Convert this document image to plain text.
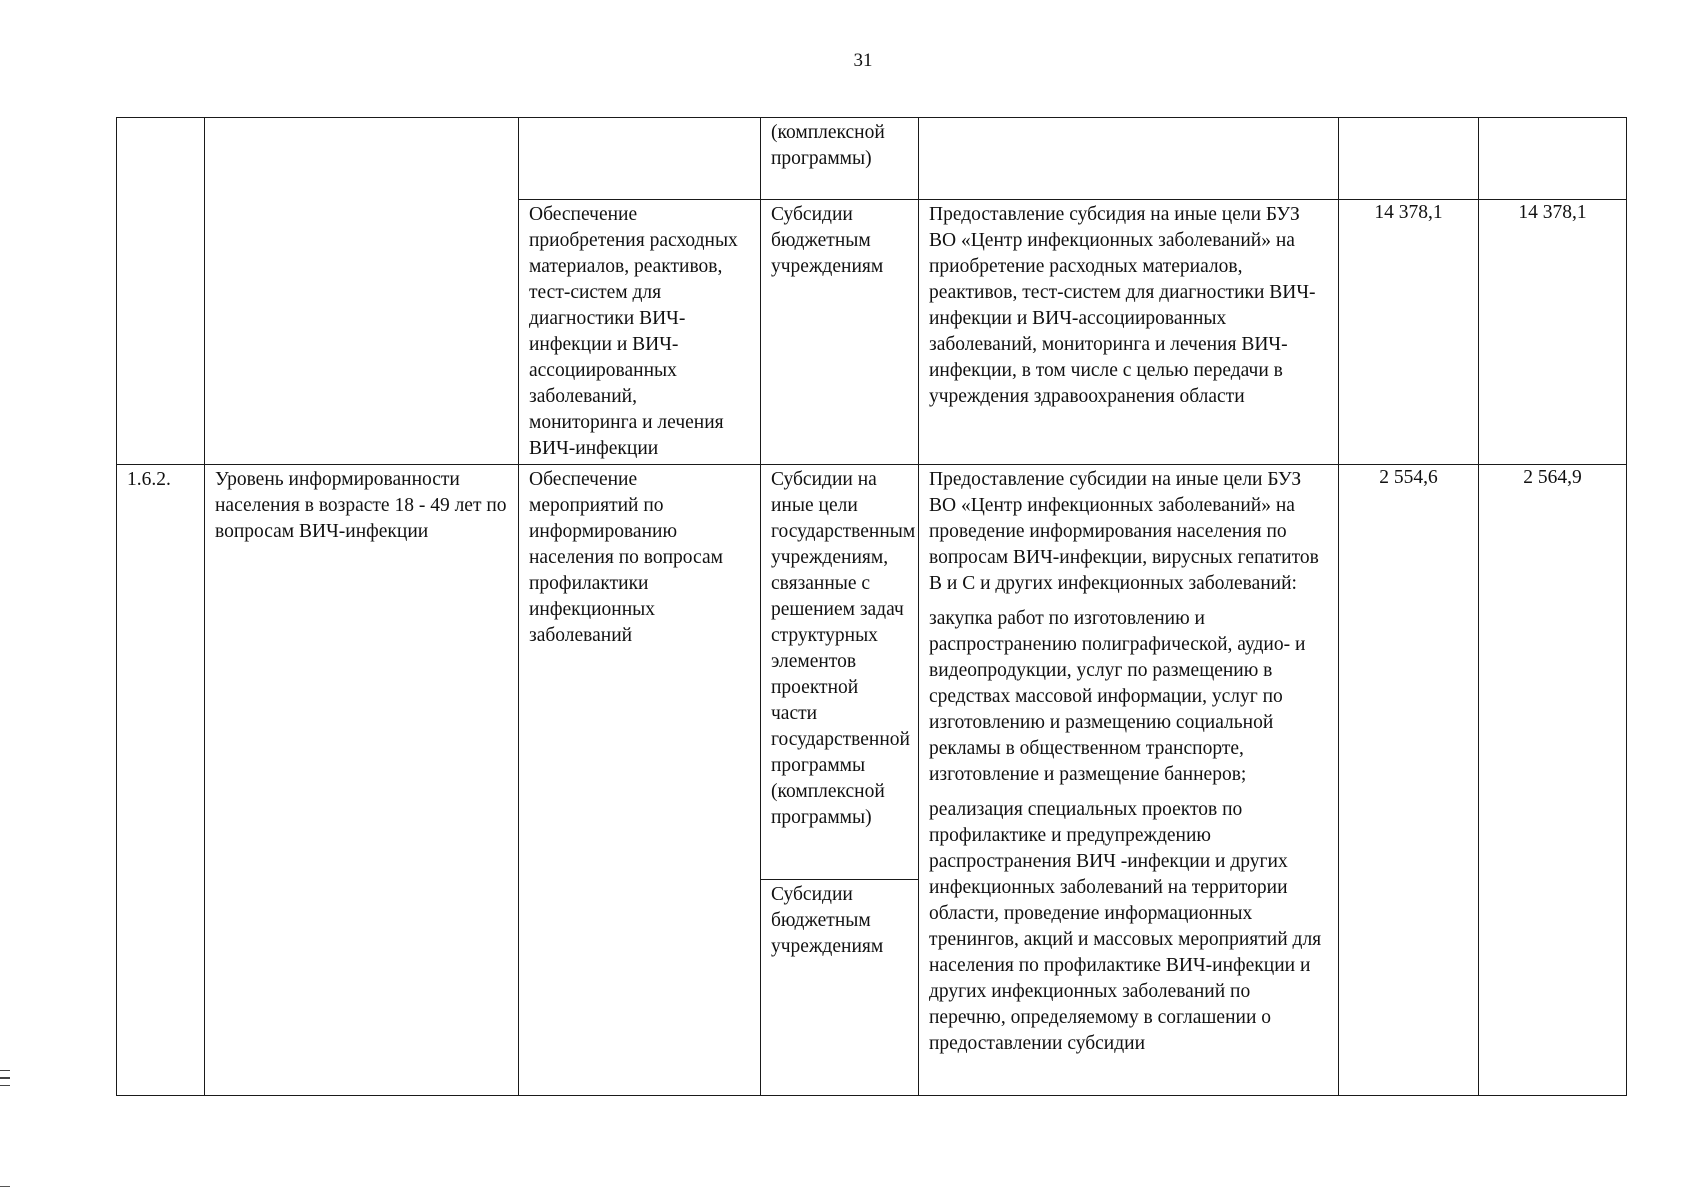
31
			(комплексной программы)			
		Обеспечение приобретения расходных материалов, реактивов, тест-систем для диагностики ВИЧ-инфекции и ВИЧ-ассоциированных заболеваний, мониторинга и лечения ВИЧ-инфекции	Субсидии бюджетным учреждениям	Предоставление субсидия на иные цели БУЗ ВО «Центр инфекционных заболеваний» на приобретение расходных материалов, реактивов, тест-систем для диагностики ВИЧ-инфекции и ВИЧ-ассоциированных заболеваний, мониторинга и лечения ВИЧ-инфекции, в том числе с целью передачи в учреждения здравоохранения области	14 378,1	14 378,1
1.6.2.	Уровень информированности населения в возрасте 18 - 49 лет по вопросам ВИЧ-инфекции	Обеспечение мероприятий по информированию населения по вопросам профилактики инфекционных заболеваний	Субсидии на иные цели государственным учреждениям, связанные с решением задач структурных элементов проектной части государственной программы (комплексной программы)	Предоставление субсидии на иные цели БУЗ ВО «Центр инфекционных заболеваний» на проведение информирования населения по вопросам ВИЧ-инфекции, вирусных гепатитов В и С и других инфекционных заболеваний:

закупка работ по изготовлению и распространению полиграфической, аудио- и видеопродукции, услуг по размещению в средствах массовой информации, услуг по изготовлению и размещению социальной рекламы в общественном транспорте, изготовление и размещение баннеров;

реализация специальных проектов по профилактике и предупреждению распространения ВИЧ -инфекции и других инфекционных заболеваний на территории области, проведение информационных тренингов, акций и массовых мероприятий для населения по профилактике ВИЧ-инфекции и других инфекционных заболеваний по перечню, определяемому в соглашении о предоставлении субсидии	2 554,6	2 564,9
			Субсидии бюджетным учреждениям			
